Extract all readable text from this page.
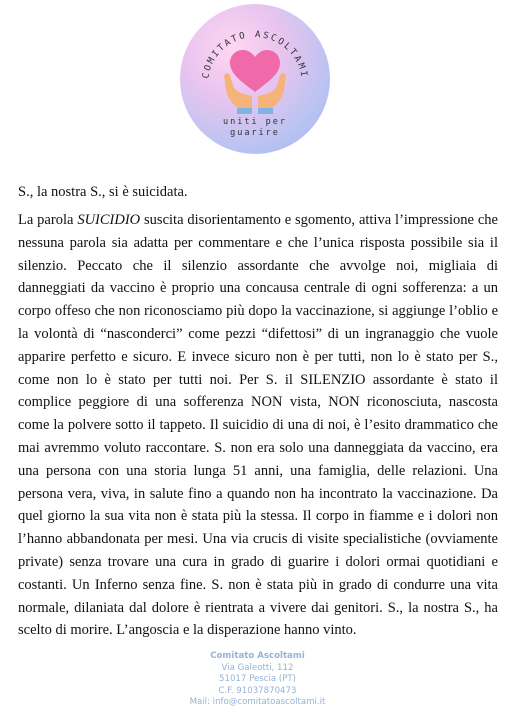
COMITATO ASCOLTAMI
uniti per
guarire

S., la nostra S., si è suicidata.

La parola SUICIDIO suscita disorientamento e sgomento, attiva l’impressione che nessuna parola sia adatta per commentare e che l’unica risposta possibile sia il silenzio. Peccato che il silenzio assordante che avvolge noi, migliaia di danneggiati da vaccino è proprio una concausa centrale di ogni sofferenza: a un corpo offeso che non riconosciamo più dopo la vaccinazione, si aggiunge l’oblio e la volontà di “nasconderci” come pezzi “difettosi” di un ingranaggio che vuole apparire perfetto e sicuro. E invece sicuro non è per tutti, non lo è stato per S., come non lo è stato per tutti noi. Per S. il SILENZIO assordante è stato il complice peggiore di una sofferenza NON vista, NON riconosciuta, nascosta come la polvere sotto il tappeto. Il suicidio di una di noi, è l’esito drammatico che mai avremmo voluto raccontare. S. non era solo una danneggiata da vaccino, era una persona con una storia lunga 51 anni, una famiglia, delle relazioni. Una persona vera, viva, in salute fino a quando non ha incontrato la vaccinazione. Da quel giorno la sua vita non è stata più la stessa. Il corpo in fiamme e i dolori non l’hanno abbandonata per mesi. Una via crucis di visite specialistiche (ovviamente private) senza trovare una cura in grado di guarire i dolori ormai quotidiani e costanti. Un Inferno senza fine. S. non è stata più in grado di condurre una vita normale, dilaniata dal dolore è rientrata a vivere dai genitori. S., la nostra S., ha scelto di morire. L’angoscia e la disperazione hanno vinto.

Comitato Ascoltami
Via Galeotti, 112
51017 Pescia (PT)
C.F. 91037870473
Mail: info@comitatoascoltami.it
